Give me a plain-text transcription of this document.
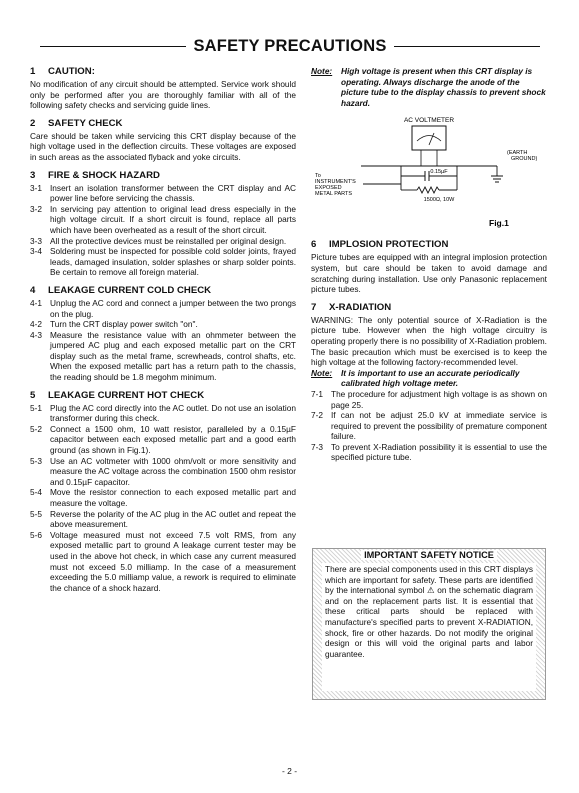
SAFETY PRECAUTIONS
1 CAUTION:

No modification of any circuit should be attempted. Service work should only be performed after you are thoroughly familiar with all of the following safety checks and servicing guide lines.

2 SAFETY CHECK

Care should be taken while servicing this CRT display because of the high voltage used in the deflection circuits. These voltages are exposed in such areas as the associated flyback and yoke circuits.

3 FIRE & SHOCK HAZARD
3-1 Insert an isolation transformer between the CRT display and AC power line before servicing the chassis.
3-2 In servicing pay attention to original lead dress especially in the high voltage circuit. If a short circuit is found, replace all parts which have been overheated as a result of the short circuit.
3-3 All the protective devices must be reinstalled per original design.
3-4 Soldering must be inspected for possible cold solder joints, frayed leads, damaged insulation, solder splashes or sharp solder points. Be certain to remove all foreign material.
4 LEAKAGE CURRENT COLD CHECK
4-1 Unplug the AC cord and connect a jumper between the two prongs on the plug.
4-2 Turn the CRT display power switch "on".
4-3 Measure the resistance value with an ohmmeter between the jumpered AC plug and each exposed metallic part on the CRT display such as the metal frame, screwheads, control shafts, etc. When the exposed metallic part has a return path to the chassis, the reading should be 1.8 megohm minimum.
5 LEAKAGE CURRENT HOT CHECK
5-1 Plug the AC cord directly into the AC outlet. Do not use an isolation transformer during this check.
5-2 Connect a 1500 ohm, 10 watt resistor, paralleled by a 0.15µF capacitor between each exposed metallic part and a good earth ground (as shown in Fig.1).
5-3 Use an AC voltmeter with 1000 ohm/volt or more sensitivity and measure the AC voltage across the combination 1500 ohm resistor and 0.15µF capacitor.
5-4 Move the resistor connection to each exposed metallic part and measure the voltage.
5-5 Reverse the polarity of the AC plug in the AC outlet and repeat the above measurement.
5-6 Voltage measured must not exceed 7.5 volt RMS, from any exposed metallic part to ground A leakage current tester may be used in the above hot check, in which case any current measured must not exceed 5.0 milliamp. In the case of a measurement exceeding the 5.0 milliamp value, a rework is required to eliminate the chance of a shock hazard.
Note:	High voltage is present when this CRT display is operating. Always discharge the anode of the picture tube to the display chassis to prevent shock hazard.
AC VOLTMETER
0.15µF
1500Ω, 10W
To
INSTRUMENT'S
EXPOSED
METAL PARTS
(EARTH
GROUND)
Fig.1
6 IMPLOSION PROTECTION

Picture tubes are equipped with an integral implosion protection system, but care should be taken to avoid damage and scratching during installation. Use only Panasonic replacement picture tubes.

7 X-RADIATION

WARNING: The only potential source of X-Radiation is the picture tube. However when the high voltage circuitry is operating properly there is no possibility of X-Radiation problem. The basic precaution which must be exercised is to keep the high voltage at the following factory-recommended level.

Note:	It is important to use an accurate periodically calibrated high voltage meter.
7-1 The procedure for adjustment high voltage is as shown on page 25.
7-2 If can not be adjust 25.0 kV at immediate service is required to prevent the possibility of premature component failure.
7-3 To prevent X-Radiation possibility it is essential to use the specified picture tube.
IMPORTANT SAFETY NOTICE
There are special components used in this CRT displays which are important for safety. These parts are identified by the international symbol ⚠ on the schematic diagram and on the replacement parts list. It is essential that these critical parts should be replaced with manufacture's specified parts to prevent X-RADIATION, shock, fire or other hazards. Do not modify the original design or this will void the original parts and labor guarantee.
- 2 -
